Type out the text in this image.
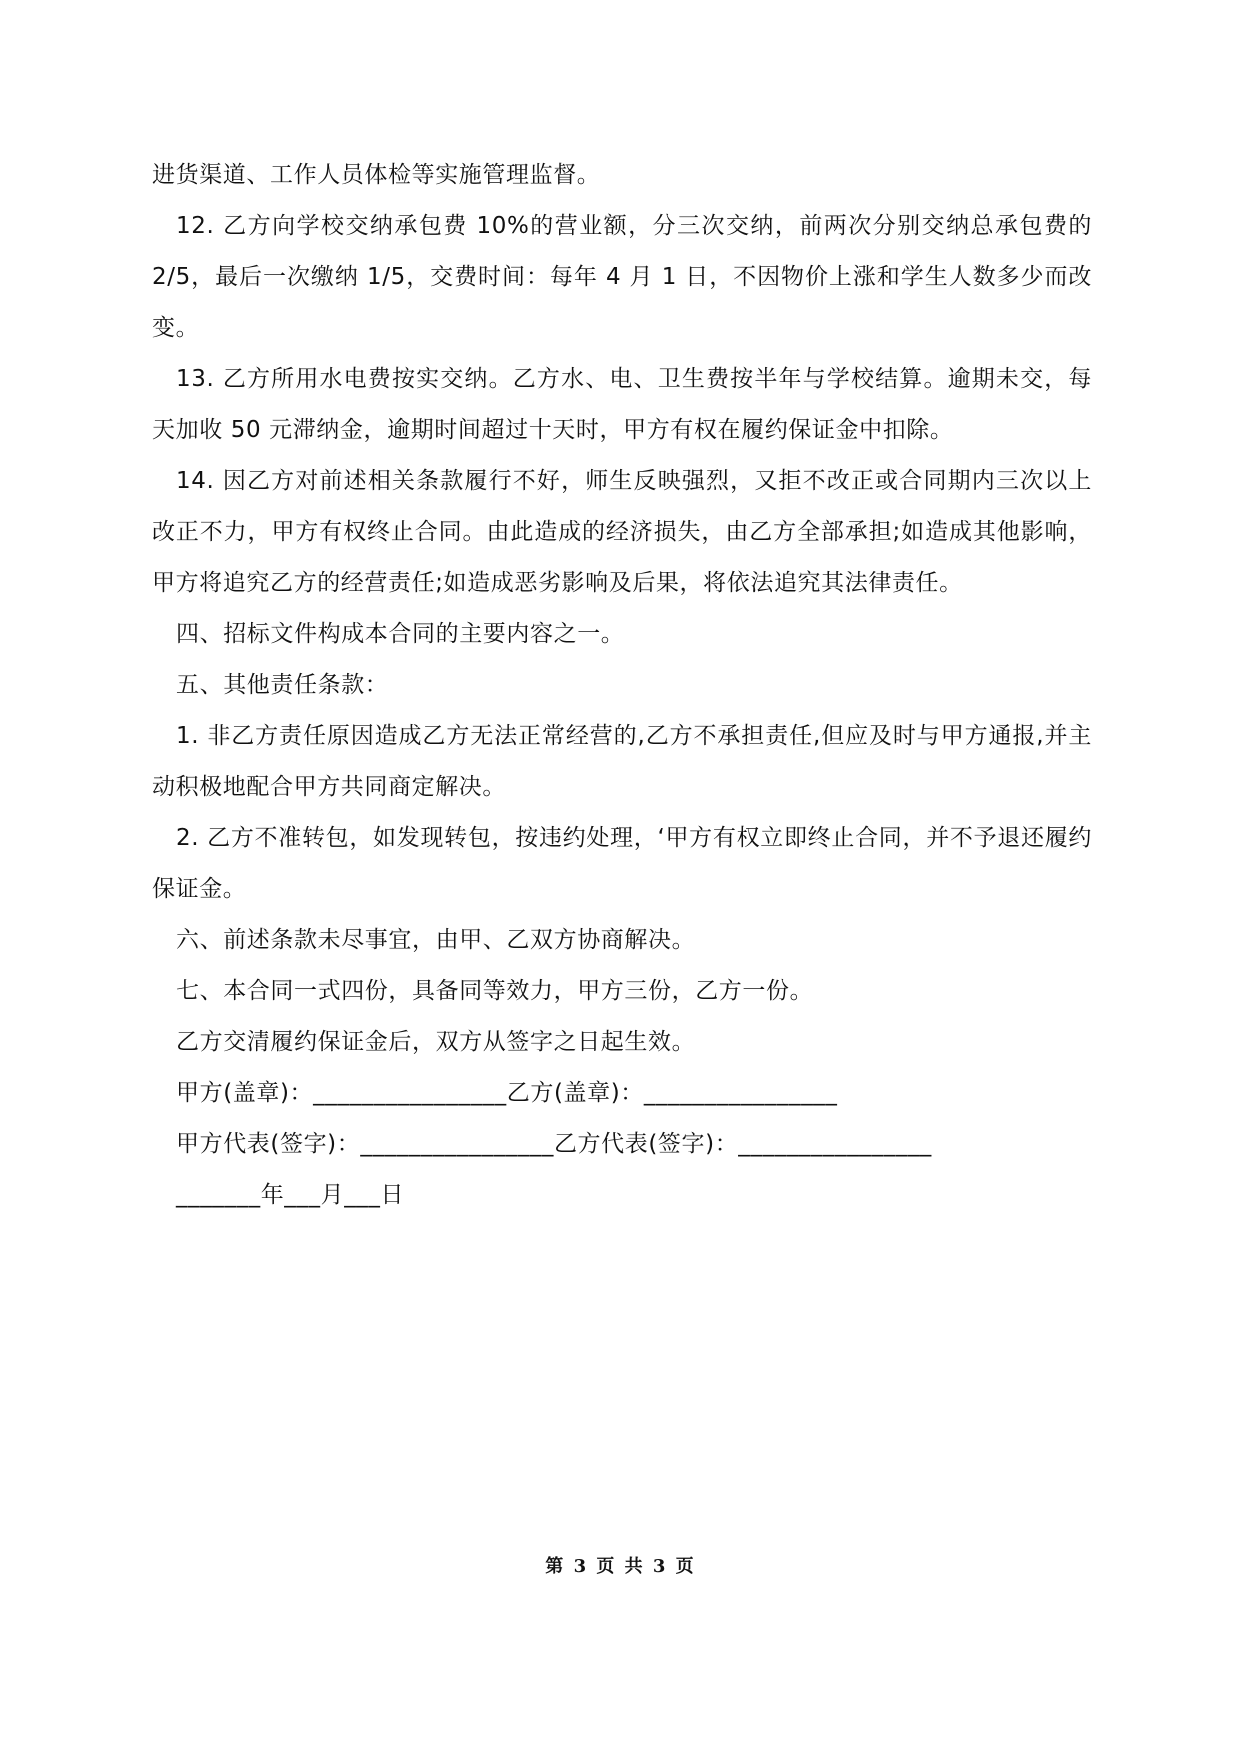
进货渠道、工作人员体检等实施管理监督。

12. 乙方向学校交纳承包费 10%的营业额，分三次交纳，前两次分别交纳总承包费的 2/5，最后一次缴纳 1/5，交费时间：每年 4 月 1 日，不因物价上涨和学生人数多少而改变。

13. 乙方所用水电费按实交纳。乙方水、电、卫生费按半年与学校结算。逾期未交，每天加收 50 元滞纳金，逾期时间超过十天时，甲方有权在履约保证金中扣除。

14. 因乙方对前述相关条款履行不好，师生反映强烈，又拒不改正或合同期内三次以上改正不力，甲方有权终止合同。由此造成的经济损失，由乙方全部承担;如造成其他影响，甲方将追究乙方的经营责任;如造成恶劣影响及后果，将依法追究其法律责任。

四、招标文件构成本合同的主要内容之一。

五、其他责任条款：

1. 非乙方责任原因造成乙方无法正常经营的,乙方不承担责任,但应及时与甲方通报,并主动积极地配合甲方共同商定解决。

2. 乙方不准转包，如发现转包，按违约处理，‘甲方有权立即终止合同，并不予退还履约保证金。

六、前述条款未尽事宜，由甲、乙双方协商解决。

七、本合同一式四份，具备同等效力，甲方三份，乙方一份。

乙方交清履约保证金后，双方从签字之日起生效。

甲方(盖章)：________________乙方(盖章)：________________

甲方代表(签字)：________________乙方代表(签字)：________________

_______年___月___日

第 3 页 共 3 页
